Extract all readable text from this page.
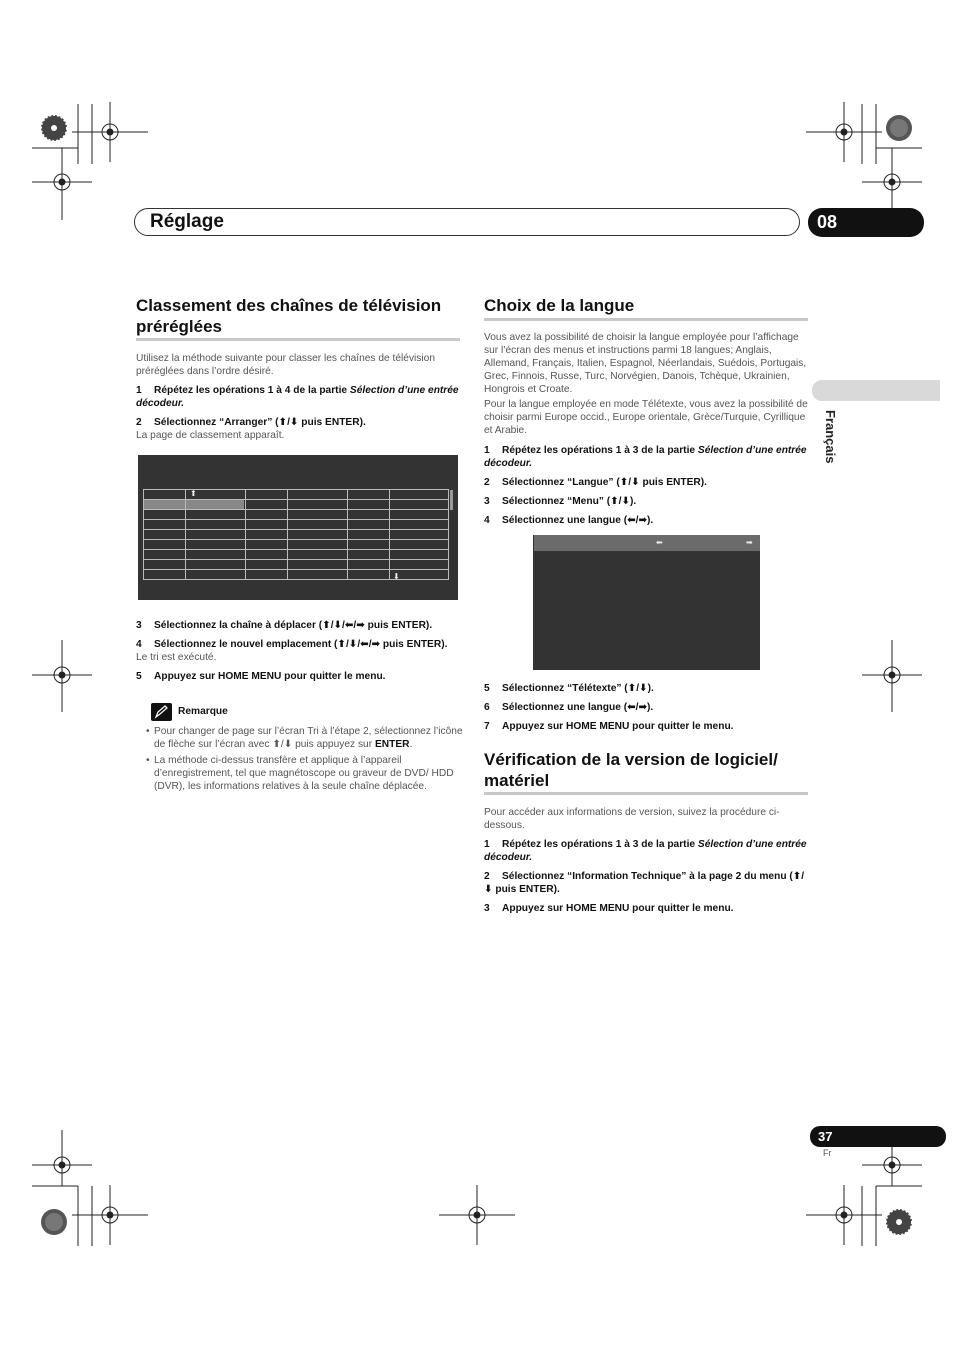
Réglage	08
Français
Classement des chaînes de télévision préréglées
Utilisez la méthode suivante pour classer les chaînes de télévision préréglées dans l’ordre désiré.
1 Répétez les opérations 1 à 4 de la partie Sélection d’une entrée décodeur.
2 Sélectionnez “Arranger” (⬆/⬇ puis ENTER).
La page de classement apparaît.
⬆
⬇
3 Sélectionnez la chaîne à déplacer (⬆/⬇/⬅/➡ puis ENTER).
4 Sélectionnez le nouvel emplacement (⬆/⬇/⬅/➡ puis ENTER).
Le tri est exécuté.
5 Appuyez sur HOME MENU pour quitter le menu.
Remarque
• Pour changer de page sur l’écran Tri à l’étape 2, sélectionnez l’icône de flèche sur l’écran avec ⬆/⬇ puis appuyez sur ENTER.
• La méthode ci-dessus transfère et applique à l’appareil d’enregistrement, tel que magnétoscope ou graveur de DVD/ HDD (DVR), les informations relatives à la seule chaîne déplacée.
Choix de la langue
Vous avez la possibilité de choisir la langue employée pour l’affichage sur l’écran des menus et instructions parmi 18 langues; Anglais, Allemand, Français, Italien, Espagnol, Néerlandais, Suédois, Portugais, Grec, Finnois, Russe, Turc, Norvégien, Danois, Tchèque, Ukrainien, Hongrois et Croate.
Pour la langue employée en mode Télétexte, vous avez la possibilité de choisir parmi Europe occid., Europe orientale, Grèce/Turquie, Cyrillique et Arabie.
1 Répétez les opérations 1 à 3 de la partie Sélection d’une entrée décodeur.
2 Sélectionnez “Langue” (⬆/⬇ puis ENTER).
3 Sélectionnez “Menu” (⬆/⬇).
4 Sélectionnez une langue (⬅/➡).
⬅	➡
5 Sélectionnez “Télétexte” (⬆/⬇).
6 Sélectionnez une langue (⬅/➡).
7 Appuyez sur HOME MENU pour quitter le menu.
Vérification de la version de logiciel/ matériel
Pour accéder aux informations de version, suivez la procédure ci-dessous.
1 Répétez les opérations 1 à 3 de la partie Sélection d’une entrée décodeur.
2 Sélectionnez “Information Technique” à la page 2 du menu (⬆/⬇ puis ENTER).
3 Appuyez sur HOME MENU pour quitter le menu.
37
Fr
